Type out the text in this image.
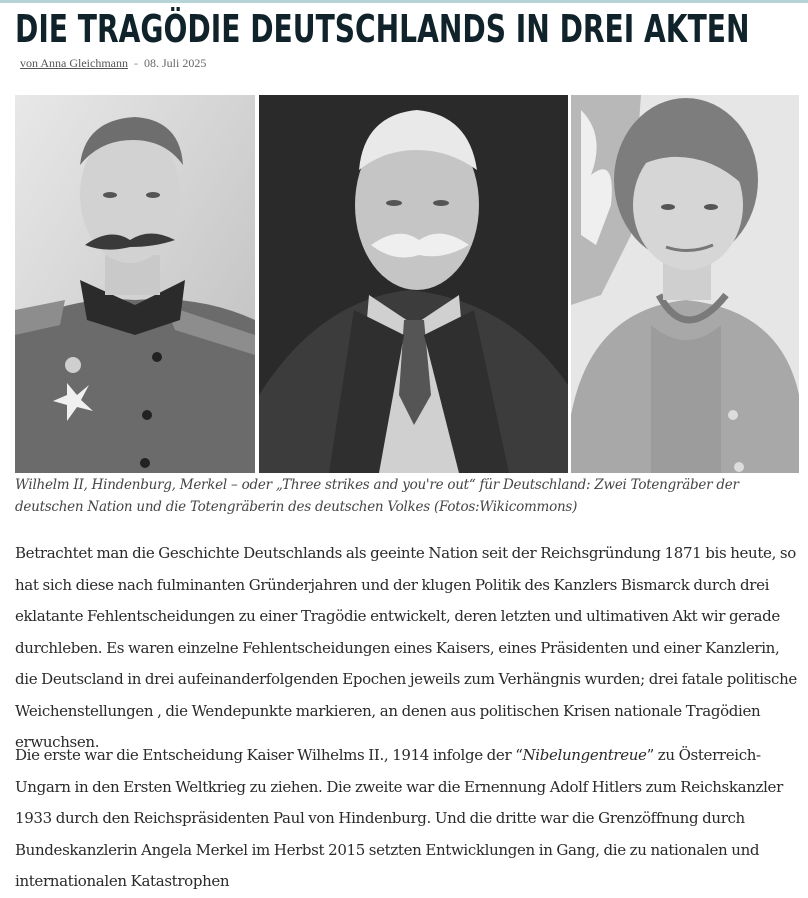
DIE TRAGÖDIE DEUTSCHLANDS IN DREI AKTEN
von Anna Gleichmann - 08. Juli 2025
Wilhelm II, Hindenburg, Merkel – oder „Three strikes and you're out“ für Deutschland: Zwei Totengräber der deutschen Nation und die Totengräberin des deutschen Volkes (Fotos:Wikicommons)

Betrachtet man die Geschichte Deutschlands als geeinte Nation seit der Reichsgründung 1871 bis heute, so hat sich diese nach fulminanten Gründerjahren und der klugen Politik des Kanzlers Bismarck durch drei eklatante Fehlentscheidungen zu einer Tragödie entwickelt, deren letzten und ultimativen Akt wir gerade durchleben. Es waren einzelne Fehlentscheidungen eines Kaisers, eines Präsidenten und einer Kanzlerin, die Deutscland in drei aufeinanderfolgenden Epochen jeweils zum Verhängnis wurden; drei fatale politische Weichenstellungen , die Wendepunkte markieren, an denen aus politischen Krisen nationale Tragödien erwuchsen.

Die erste war die Entscheidung Kaiser Wilhelms II., 1914 infolge der “Nibelungentreue” zu Österreich-Ungarn in den Ersten Weltkrieg zu ziehen. Die zweite war die Ernennung Adolf Hitlers zum Reichskanzler 1933 durch den Reichspräsidenten Paul von Hindenburg. Und die dritte war die Grenzöffnung durch Bundeskanzlerin Angela Merkel im Herbst 2015 setzten Entwicklungen in Gang, die zu nationalen und internationalen Katastrophen
